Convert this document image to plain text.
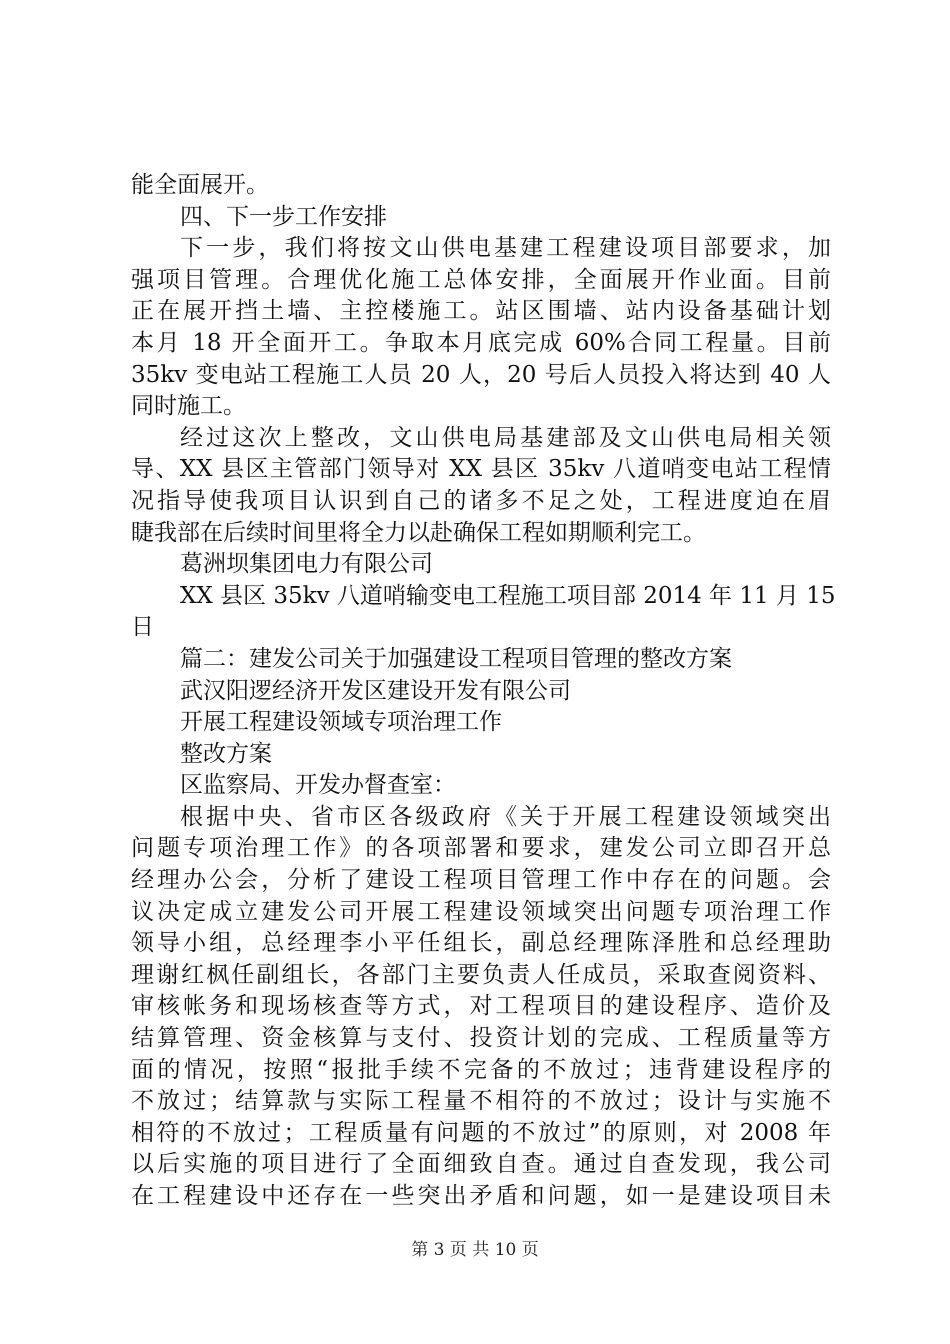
能全面展开。
四、下一步工作安排
下一步，我们将按文山供电基建工程建设项目部要求，加
强项目管理。合理优化施工总体安排，全面展开作业面。目前
正在展开挡土墙、主控楼施工。站区围墙、站内设备基础计划
本月 18 开全面开工。争取本月底完成 60%合同工程量。目前
35kv 变电站工程施工人员 20 人，20 号后人员投入将达到 40 人
同时施工。
经过这次上整改，文山供电局基建部及文山供电局相关领
导、XX 县区主管部门领导对 XX 县区 35kv 八道哨变电站工程情
况指导使我项目认识到自己的诸多不足之处，工程进度迫在眉
睫我部在后续时间里将全力以赴确保工程如期顺利完工。
葛洲坝集团电力有限公司
XX 县区 35kv 八道哨输变电工程施工项目部 2014 年 11 月 15
日
篇二：建发公司关于加强建设工程项目管理的整改方案
武汉阳逻经济开发区建设开发有限公司
开展工程建设领域专项治理工作
整改方案
区监察局、开发办督查室：
根据中央、省市区各级政府《关于开展工程建设领域突出
问题专项治理工作》的各项部署和要求，建发公司立即召开总
经理办公会，分析了建设工程项目管理工作中存在的问题。会
议决定成立建发公司开展工程建设领域突出问题专项治理工作
领导小组，总经理李小平任组长，副总经理陈泽胜和总经理助
理谢红枫任副组长，各部门主要负责人任成员，采取查阅资料、
审核帐务和现场核查等方式，对工程项目的建设程序、造价及
结算管理、资金核算与支付、投资计划的完成、工程质量等方
面的情况，按照“报批手续不完备的不放过；违背建设程序的
不放过；结算款与实际工程量不相符的不放过；设计与实施不
相符的不放过；工程质量有问题的不放过”的原则，对 2008 年
以后实施的项目进行了全面细致自查。通过自查发现，我公司
在工程建设中还存在一些突出矛盾和问题，如一是建设项目未
第 3 页 共 10 页
